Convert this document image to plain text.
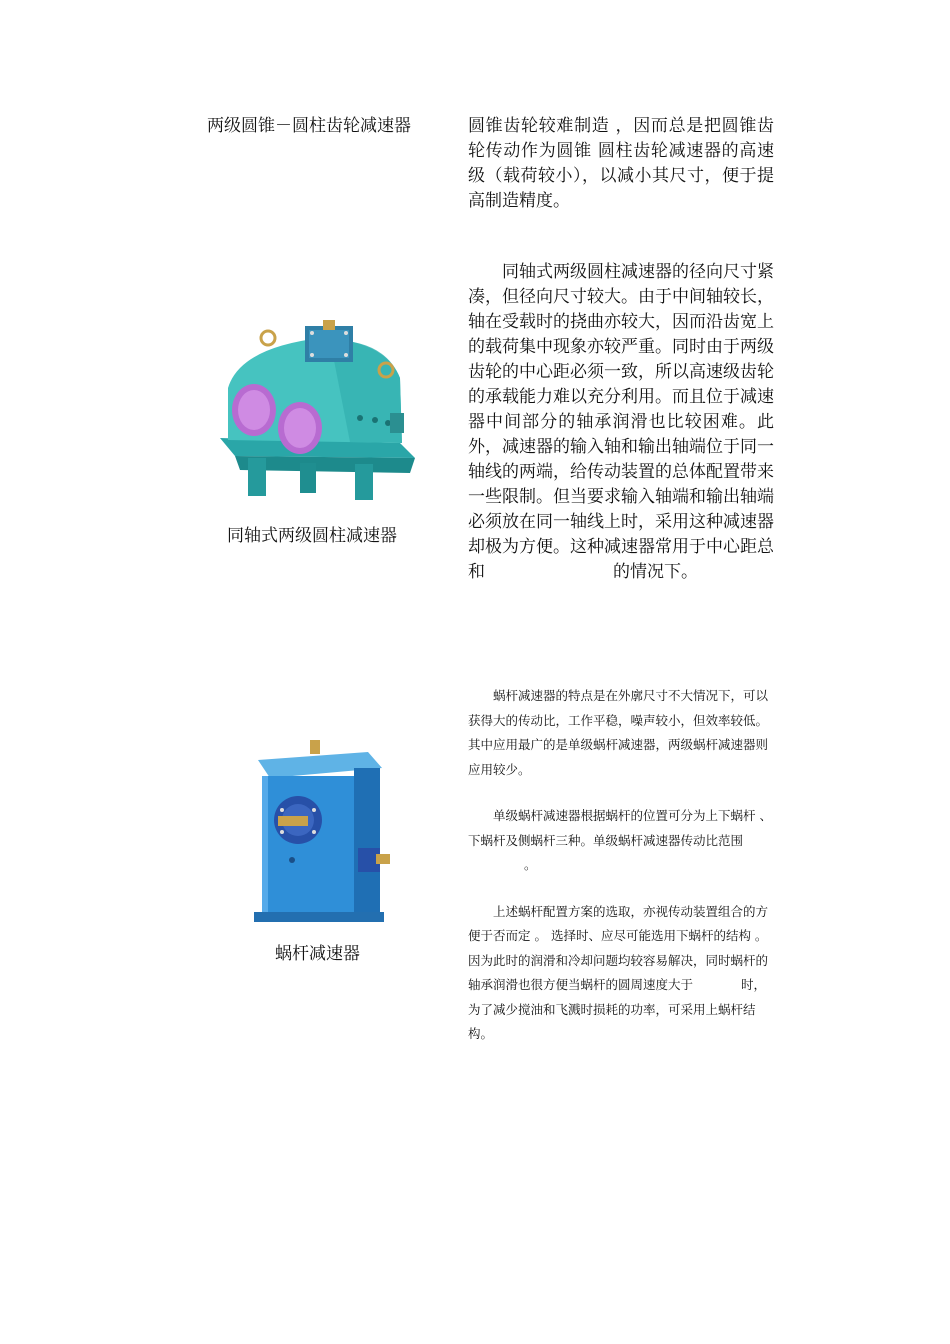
两级圆锥－圆柱齿轮减速器	圆锥齿轮较难制造 ，因而总是把圆锥齿轮传动作为圆锥 圆柱齿轮减速器的高速级（载荷较小），以减小其尺寸，便于提高制造精度。

同轴式两级圆柱减速器

同轴式两级圆柱减速器的径向尺寸紧凑，但径向尺寸较大。由于中间轴较长，轴在受载时的挠曲亦较大，因而沿齿宽上的载荷集中现象亦较严重。同时由于两级齿轮的中心距必须一致，所以高速级齿轮的承载能力难以充分利用。而且位于减速器中间部分的轴承润滑也比较困难。此外，减速器的输入轴和输出轴端位于同一轴线的两端，给传动装置的总体配置带来一些限制。但当要求输入轴端和输出轴端必须放在同一轴线上时，采用这种减速器却极为方便。这种减速器常用于中心距总和	的情况下。

蜗杆减速器

蜗杆减速器的特点是在外廓尺寸不大情况下，可以获得大的传动比，工作平稳，噪声较小，但效率较低。其中应用最广的是单级蜗杆减速器，两级蜗杆减速器则应用较少。

单级蜗杆减速器根据蜗杆的位置可分为上下蜗杆 、 下蜗杆及侧蜗杆三种。单级蜗杆减速器传动比范围。

上述蜗杆配置方案的选取，亦视传动装置组合的方便于否而定 。 选择时、应尽可能选用下蜗杆的结构 。 因为此时的润滑和冷却问题均较容易解决，同时蜗杆的轴承润滑也很方便当蜗杆的圆周速度大于	时，为了减少搅油和飞溅时损耗的功率，可采用上蜗杆结构。
